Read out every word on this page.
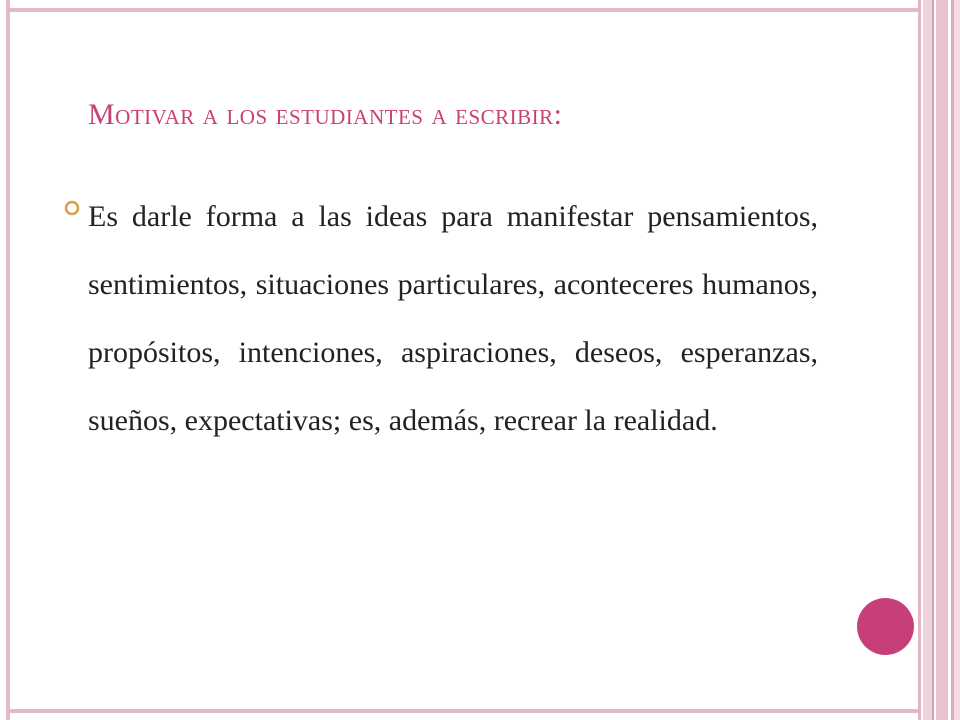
Motivar a los estudiantes a escribir:

Es darle forma a las ideas para manifestar pensamientos, sentimientos, situaciones particulares, aconteceres humanos, propósitos, intenciones, aspiraciones, deseos, esperanzas, sueños, expectativas; es, además, recrear la realidad.
